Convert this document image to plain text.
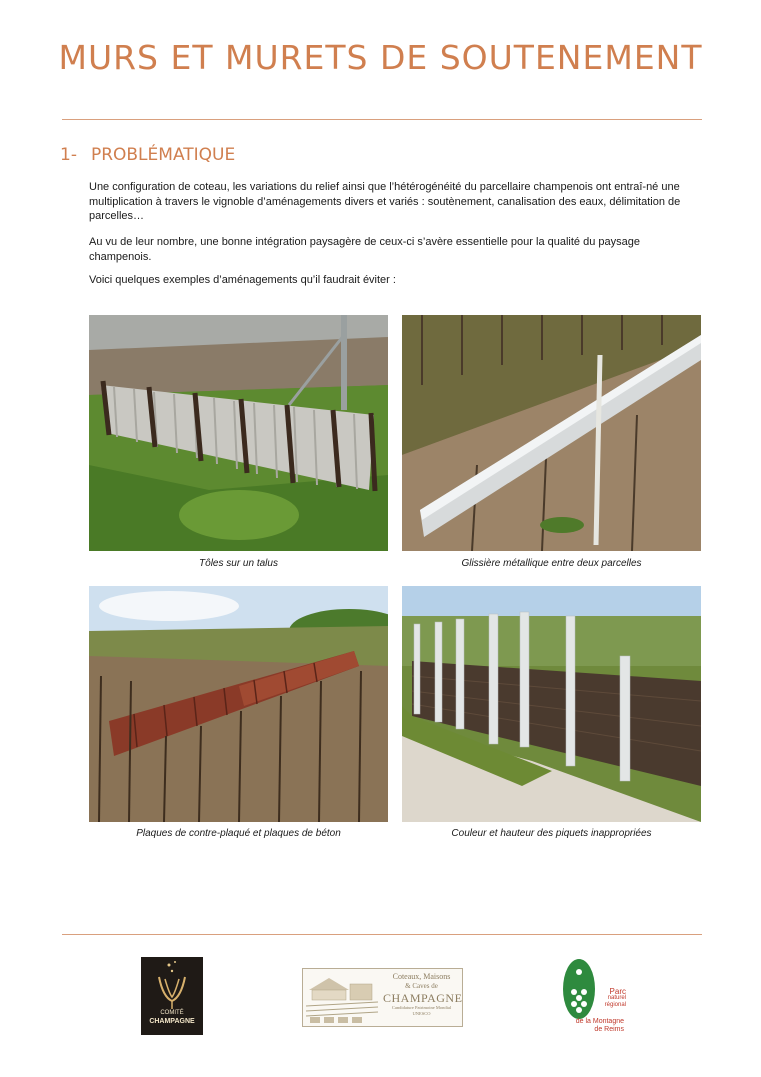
MURS ET MURETS DE SOUTENEMENT
1- PROBLÉMATIQUE

Une configuration de coteau, les variations du relief ainsi que l’hétérogénéité du parcellaire champenois ont entraî-né une multiplication à travers le vignoble d’aménagements divers et variés : soutènement, canalisation des eaux, délimitation de parcelles…

Au vu de leur nombre, une bonne intégration paysagère de ceux-ci s’avère essentielle pour la qualité du paysage champenois.

Voici quelques exemples d’aménagements qu’il faudrait éviter :

Tôles sur un talus	Glissière métallique entre deux parcelles
Plaques de contre-plaqué et plaques de béton	Couleur et hauteur des piquets inappropriées
COMITÉ
CHAMPAGNE
Coteaux, Maisons
& Caves de
CHAMPAGNE
Candidature Patrimoine Mondial UNESCO
Parc
naturel
régional
de la Montagne
de Reims
